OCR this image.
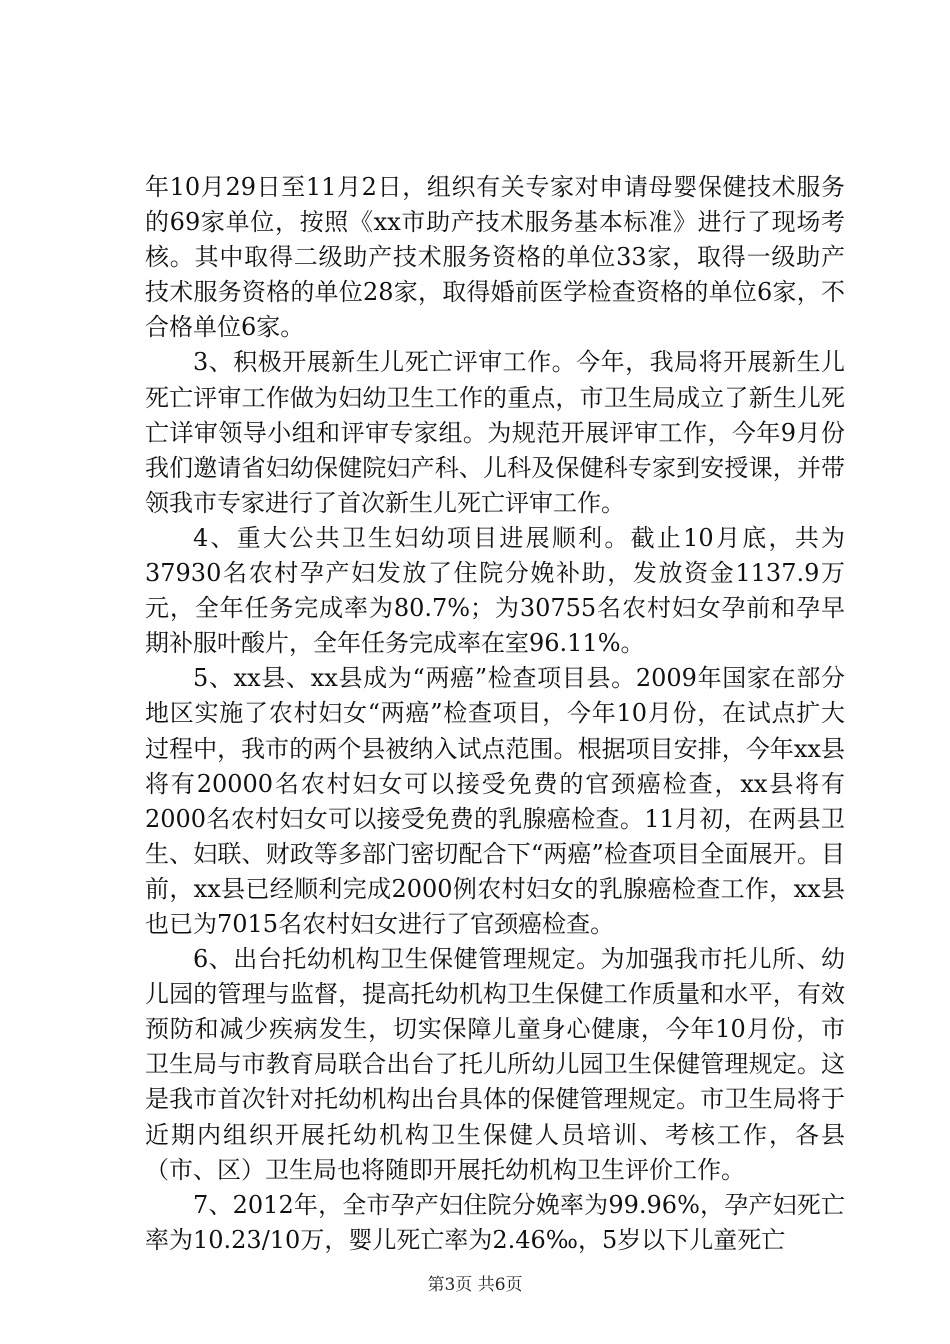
年10月29日至11月2日，组织有关专家对申请母婴保健技术服务的69家单位，按照《xx市助产技术服务基本标准》进行了现场考核。其中取得二级助产技术服务资格的单位33家，取得一级助产技术服务资格的单位28家，取得婚前医学检查资格的单位6家，不合格单位6家。

3、积极开展新生儿死亡评审工作。今年，我局将开展新生儿死亡评审工作做为妇幼卫生工作的重点，市卫生局成立了新生儿死亡详审领导小组和评审专家组。为规范开展评审工作，今年9月份我们邀请省妇幼保健院妇产科、儿科及保健科专家到安授课，并带领我市专家进行了首次新生儿死亡评审工作。

4、重大公共卫生妇幼项目进展顺利。截止10月底，共为37930名农村孕产妇发放了住院分娩补助，发放资金1137.9万元，全年任务完成率为80.7%；为30755名农村妇女孕前和孕早期补服叶酸片，全年任务完成率在室96.11%。

5、xx县、xx县成为“两癌”检查项目县。2009年国家在部分地区实施了农村妇女“两癌”检查项目，今年10月份，在试点扩大过程中，我市的两个县被纳入试点范围。根据项目安排，今年xx县将有20000名农村妇女可以接受免费的官颈癌检查，xx县将有2000名农村妇女可以接受免费的乳腺癌检查。11月初，在两县卫生、妇联、财政等多部门密切配合下“两癌”检查项目全面展开。目前，xx县已经顺利完成2000例农村妇女的乳腺癌检查工作，xx县也已为7015名农村妇女进行了官颈癌检查。

6、出台托幼机构卫生保健管理规定。为加强我市托儿所、幼儿园的管理与监督，提高托幼机构卫生保健工作质量和水平，有效预防和减少疾病发生，切实保障儿童身心健康，今年10月份，市卫生局与市教育局联合出台了托儿所幼儿园卫生保健管理规定。这是我市首次针对托幼机构出台具体的保健管理规定。市卫生局将于近期内组织开展托幼机构卫生保健人员培训、考核工作，各县（市、区）卫生局也将随即开展托幼机构卫生评价工作。

7、2012年，全市孕产妇住院分娩率为99.96%，孕产妇死亡率为10.23/10万，婴儿死亡率为2.46‰，5岁以下儿童死亡

第3页 共6页
